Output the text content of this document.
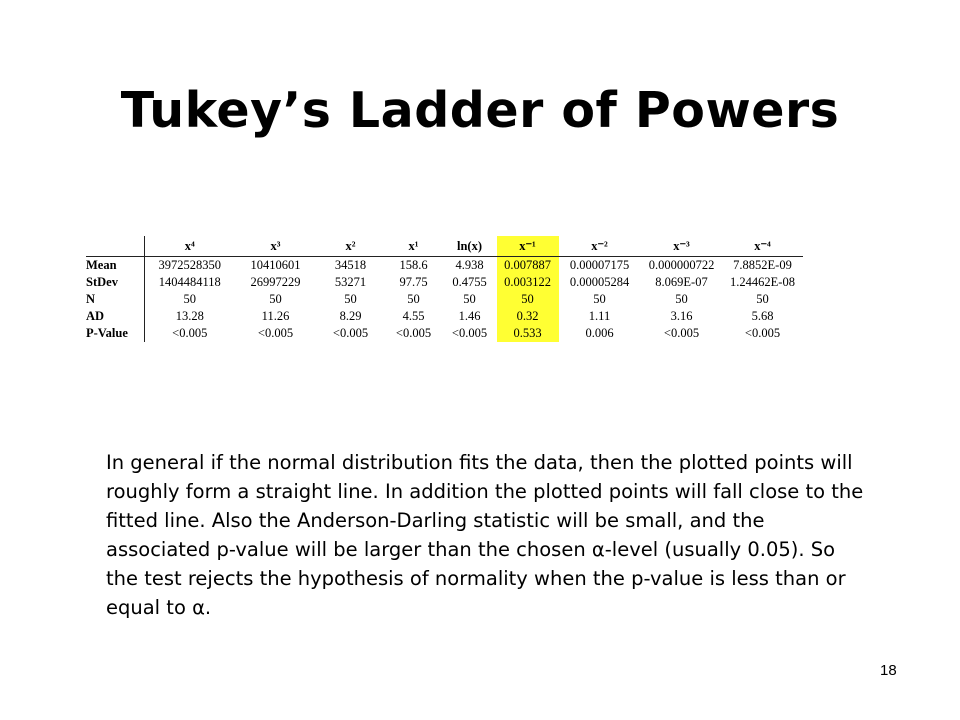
Tukey’s Ladder of Powers
	x⁴	x³	x²	x¹	ln(x)	x⁻¹	x⁻²	x⁻³	x⁻⁴
Mean	3972528350	10410601	34518	158.6	4.938	0.007887	0.00007175	0.000000722	7.8852E-09
StDev	1404484118	26997229	53271	97.75	0.4755	0.003122	0.00005284	8.069E-07	1.24462E-08
N	50	50	50	50	50	50	50	50	50
AD	13.28	11.26	8.29	4.55	1.46	0.32	1.11	3.16	5.68
P-Value	<0.005	<0.005	<0.005	<0.005	<0.005	0.533	0.006	<0.005	<0.005

In general if the normal distribution fits the data, then the plotted points will roughly form a straight line. In addition the plotted points will fall close to the fitted line. Also the Anderson-Darling statistic will be small, and the associated p-value will be larger than the chosen α-level (usually 0.05). So the test rejects the hypothesis of normality when the p-value is less than or equal to α.

18
